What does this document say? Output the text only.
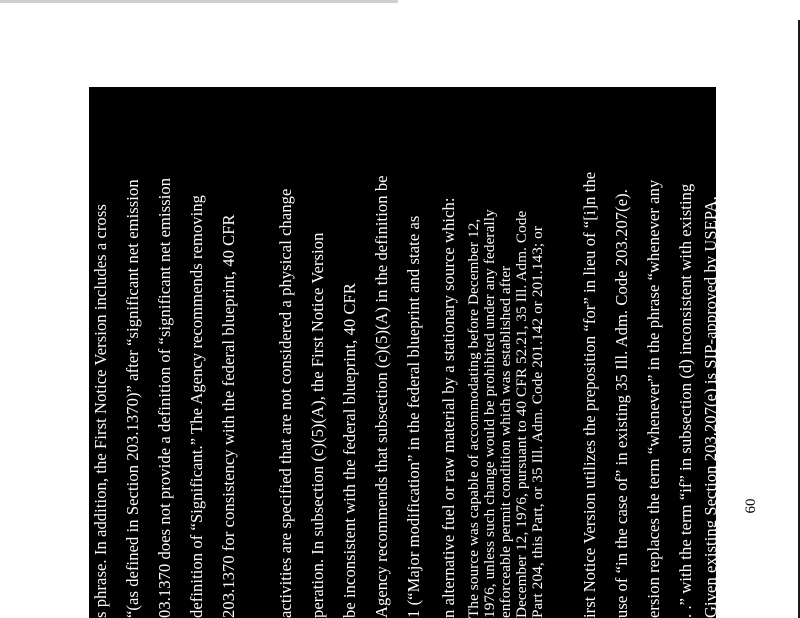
s phrase. In addition, the First Notice Version includes a cross “(as defined in Section 203.1370)” after “significant net emission 03.1370 does not provide a definition of “significant net emission definition of “Significant.” The Agency recommends removing 203.1370 for consistency with the federal blueprint, 40 CFR activities are specified that are not considered a physical change peration. In subsection (c)(5)(A), the First Notice Version be inconsistent with the federal blueprint, 40 CFR Agency recommends that subsection (c)(5)(A) in the definition be 1 (“Major modification” in the federal blueprint and state as n alternative fuel or raw material by a stationary source which: The source was capable of accommodating before December 12, 1976, unless such change would be prohibited under any federally enforceable permit condition which was established after December 12, 1976, pursuant to 40 CFR 52.21, 35 Ill. Adm. Code Part 204, this Part, or 35 Ill. Adm. Code 201.142 or 201.143; or irst Notice Version utilizes the preposition “for” in lieu of “[i]n the use of “in the case of” in existing 35 Ill. Adm. Code 203.207(e). ersion replaces the term “whenever” in the phrase “whenever any . .” with the term “if” in subsection (d) inconsistent with existing Given existing Section 203.207(e) is SIP-approved by USEPA,	60
